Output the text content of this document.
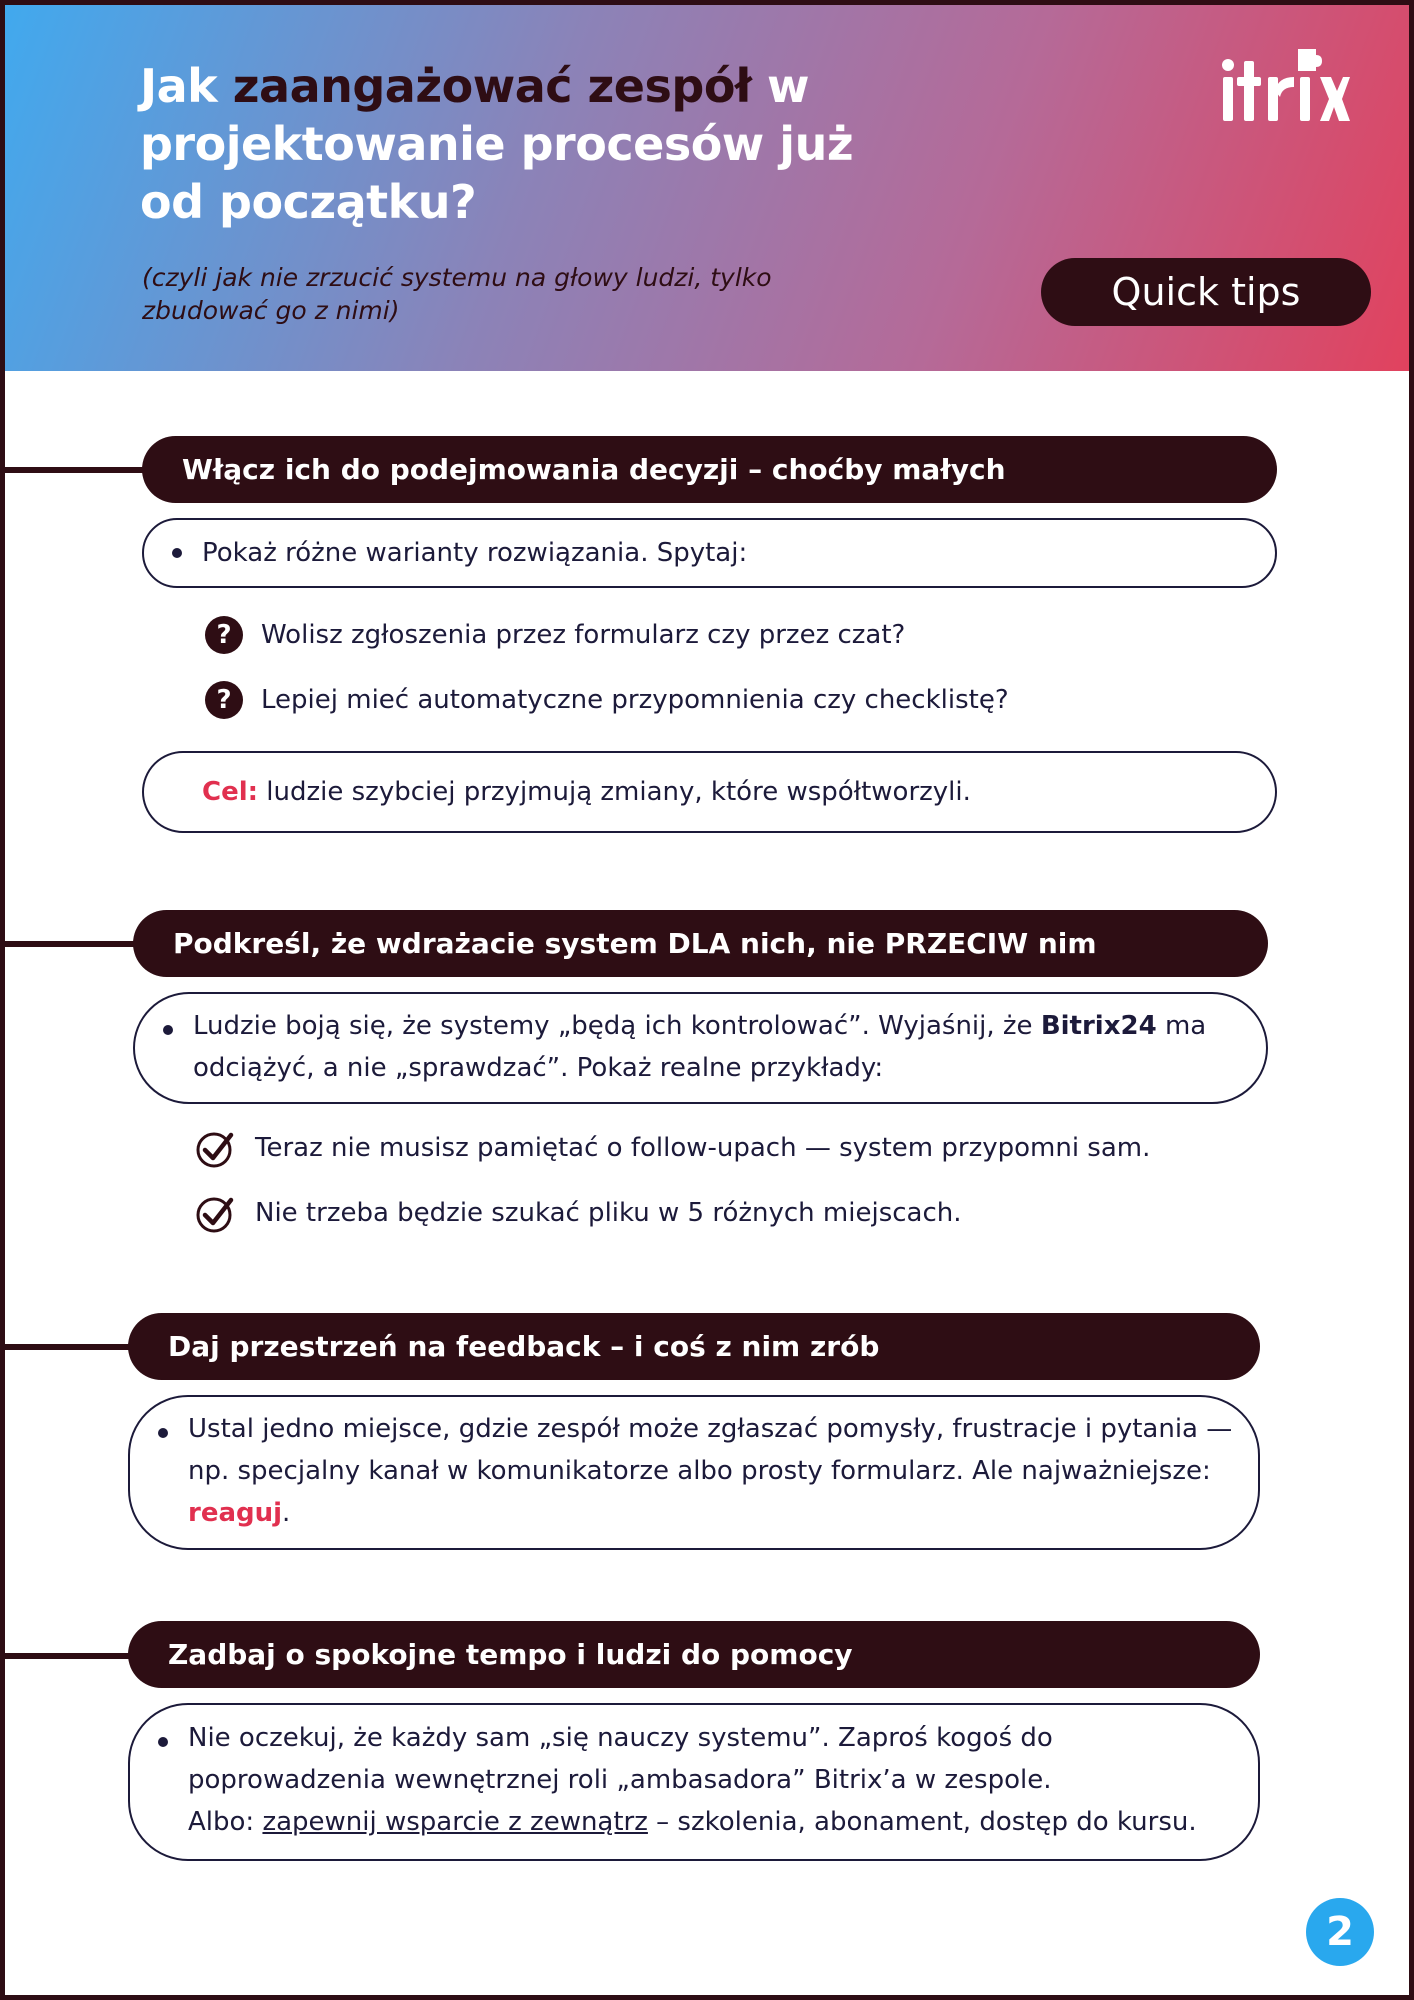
Jak zaangażować zespół w projektowanie procesów już od początku?
(czyli jak nie zrzucić systemu na głowy ludzi, tylko zbudować go z nimi)	Quick tips
Włącz ich do podejmowania decyzji – choćby małych
Pokaż różne warianty rozwiązania. Spytaj:
?	Wolisz zgłoszenia przez formularz czy przez czat?
?	Lepiej mieć automatyczne przypomnienia czy checklistę?
Cel: ludzie szybciej przyjmują zmiany, które współtworzyli.
Podkreśl, że wdrażacie system DLA nich, nie PRZECIW nim
Ludzie boją się, że systemy „będą ich kontrolować”. Wyjaśnij, że Bitrix24 ma odciążyć, a nie „sprawdzać”. Pokaż realne przykłady:
Teraz nie musisz pamiętać o follow-upach — system przypomni sam.
Nie trzeba będzie szukać pliku w 5 różnych miejscach.
Daj przestrzeń na feedback – i coś z nim zrób
Ustal jedno miejsce, gdzie zespół może zgłaszać pomysły, frustracje i pytania — np. specjalny kanał w komunikatorze albo prosty formularz. Ale najważniejsze: reaguj.
Zadbaj o spokojne tempo i ludzi do pomocy
Nie oczekuj, że każdy sam „się nauczy systemu”. Zaproś kogoś do poprowadzenia wewnętrznej roli „ambasadora” Bitrix’a w zespole.
Albo: zapewnij wsparcie z zewnątrz – szkolenia, abonament, dostęp do kursu.
2
